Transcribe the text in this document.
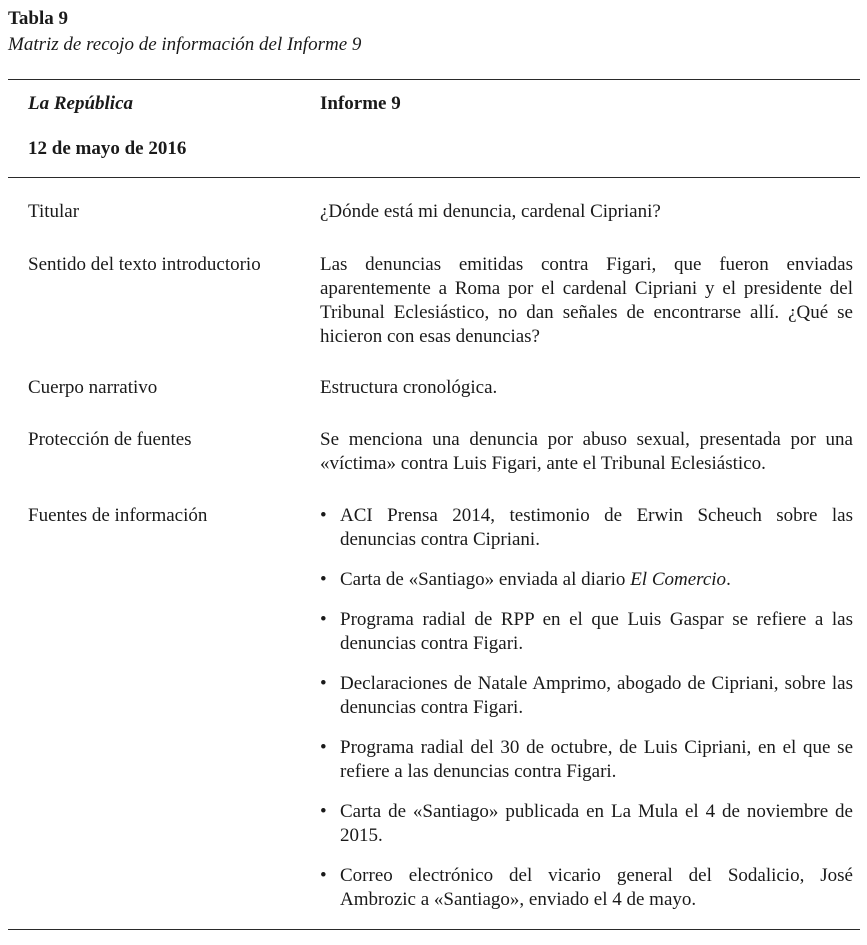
Tabla 9
Matriz de recojo de información del Informe 9
La República	Informe 9
12 de mayo de 2016
Titular	¿Dónde está mi denuncia, cardenal Cipriani?
Sentido del texto introductorio	Las denuncias emitidas contra Figari, que fueron enviadas aparentemente a Roma por el cardenal Cipriani y el presidente del Tribunal Eclesiástico, no dan señales de encontrarse allí. ¿Qué se hicieron con esas denuncias?
Cuerpo narrativo	Estructura cronológica.
Protección de fuentes	Se menciona una denuncia por abuso sexual, presentada por una «víctima» contra Luis Figari, ante el Tribunal Eclesiástico.
Fuentes de información	• ACI Prensa 2014, testimonio de Erwin Scheuch sobre las denuncias contra Cipriani.
• Carta de «Santiago» enviada al diario El Comercio.
• Programa radial de RPP en el que Luis Gaspar se refiere a las denuncias contra Figari.
• Declaraciones de Natale Amprimo, abogado de Cipriani, sobre las denuncias contra Figari.
• Programa radial del 30 de octubre, de Luis Cipriani, en el que se refiere a las denuncias contra Figari.
• Carta de «Santiago» publicada en La Mula el 4 de noviembre de 2015.
• Correo electrónico del vicario general del Sodalicio, José Ambrozic a «Santiago», enviado el 4 de mayo.
